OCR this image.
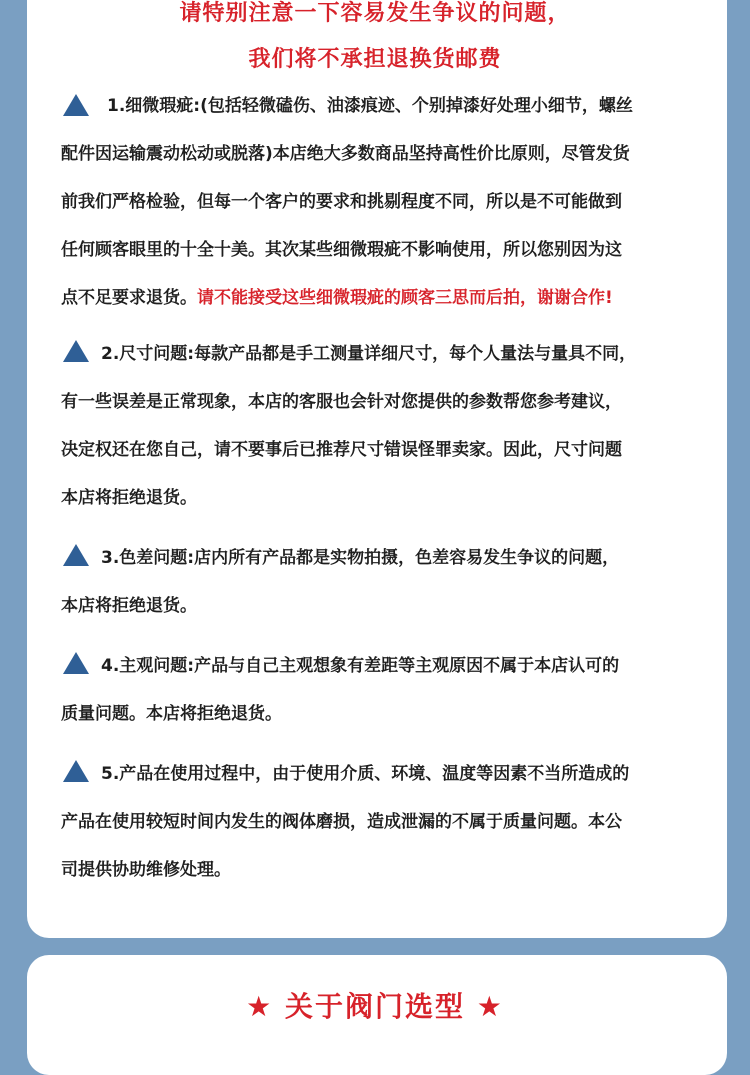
请特别注意一下容易发生争议的问题，
我们将不承担退换货邮费
1.细微瑕疵:(包括轻微磕伤、油漆痕迹、个别掉漆好处理小细节，螺丝
配件因运输震动松动或脱落)本店绝大多数商品坚持高性价比原则，尽管发货
前我们严格检验，但每一个客户的要求和挑剔程度不同，所以是不可能做到
任何顾客眼里的十全十美。其次某些细微瑕疵不影响使用，所以您别因为这
点不足要求退货。请不能接受这些细微瑕疵的顾客三思而后拍，谢谢合作!
2.尺寸问题:每款产品都是手工测量详细尺寸，每个人量法与量具不同，
有一些误差是正常现象，本店的客服也会针对您提供的参数帮您参考建议，
决定权还在您自己，请不要事后已推荐尺寸错误怪罪卖家。因此，尺寸问题
本店将拒绝退货。
3.色差问题:店内所有产品都是实物拍摄，色差容易发生争议的问题，
本店将拒绝退货。
4.主观问题:产品与自己主观想象有差距等主观原因不属于本店认可的
质量问题。本店将拒绝退货。
5.产品在使用过程中，由于使用介质、环境、温度等因素不当所造成的
产品在使用较短时间内发生的阀体磨损，造成泄漏的不属于质量问题。本公
司提供协助维修处理。
★ 关于阀门选型 ★
